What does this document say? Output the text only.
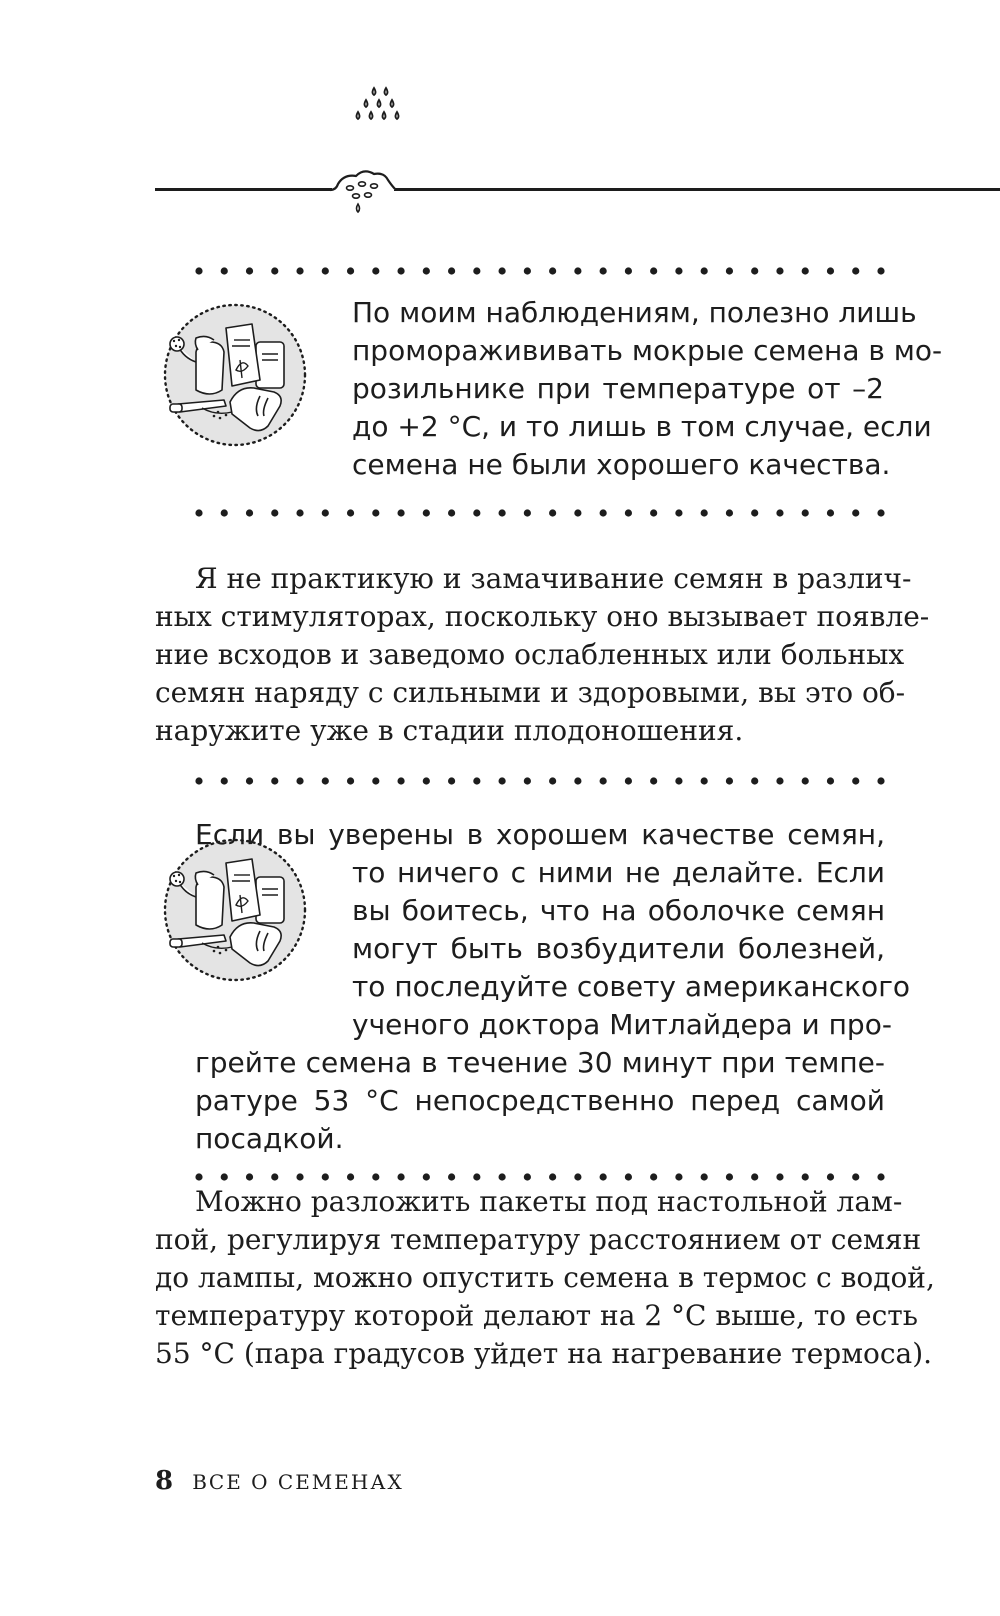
По моим наблюдениям, полезно лишь
проморажививать мокрые семена в мо-
розильнике при температуре от –2
до +2 °С, и то лишь в том случае, если
семена не были хорошего качества.
Я не практикую и замачивание семян в различ-
ных стимуляторах, поскольку оно вызывает появле-
ние всходов и заведомо ослабленных или больных
семян наряду с сильными и здоровыми, вы это об-
наружите уже в стадии плодоношения.
Если вы уверены в хорошем качестве семян,
то ничего с ними не делайте. Если
вы боитесь, что на оболочке семян
могут быть возбудители болезней,
то последуйте совету американского
ученого доктора Митлайдера и про-
грейте семена в течение 30 минут при темпе-
ратуре 53 °С непосредственно перед самой
посадкой.
Можно разложить пакеты под настольной лам-
пой, регулируя температуру расстоянием от семян
до лампы, можно опустить семена в термос с водой,
температуру которой делают на 2 °С выше, то есть
55 °С (пара градусов уйдет на нагревание термоса).
8 ВСЕ О СЕМЕНАХ
